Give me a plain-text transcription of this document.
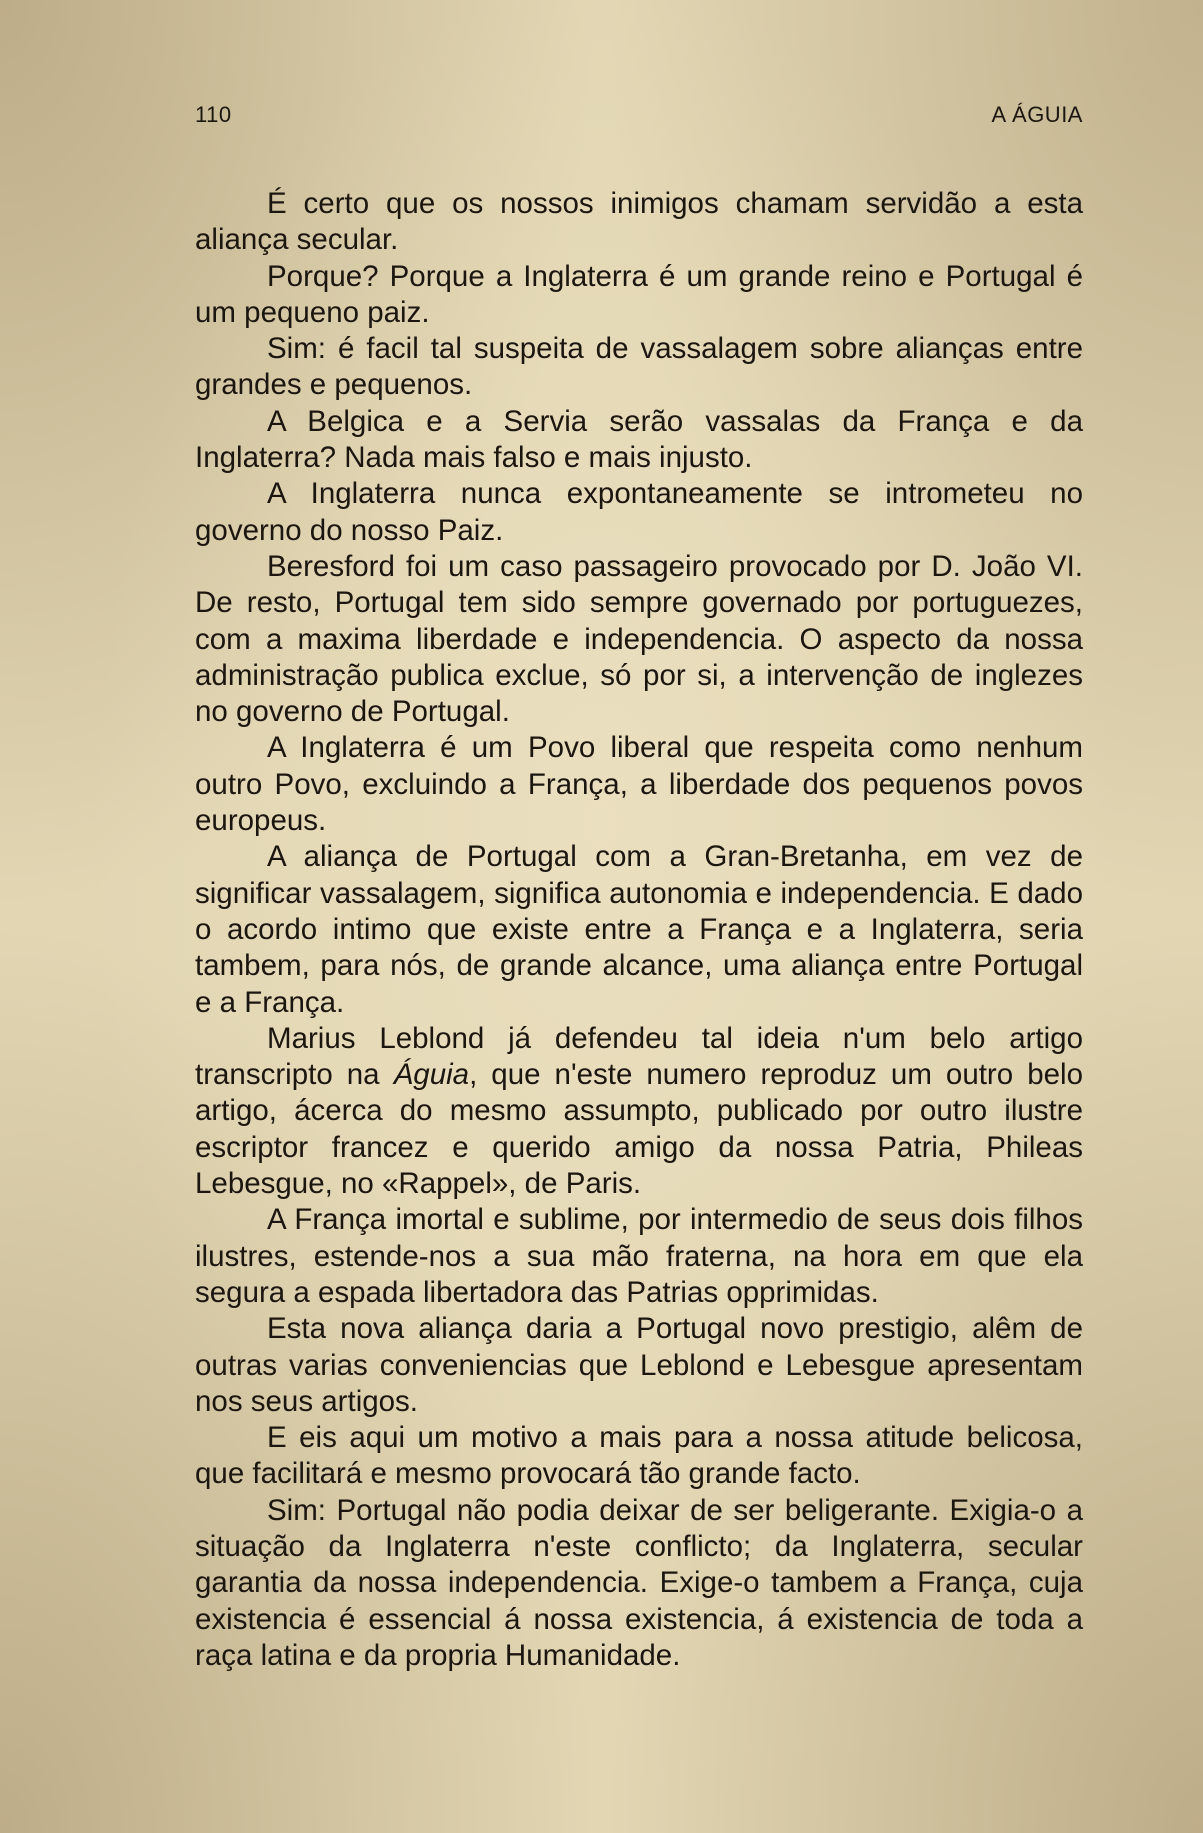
110	A ÁGUIA

É certo que os nossos inimigos chamam servidão a esta aliança secular.

Porque? Porque a Inglaterra é um grande reino e Portugal é um pequeno paiz.

Sim: é facil tal suspeita de vassalagem sobre alianças entre grandes e pequenos.

A Belgica e a Servia serão vassalas da França e da Inglaterra? Nada mais falso e mais injusto.

A Inglaterra nunca expontaneamente se intrometeu no governo do nosso Paiz.

Beresford foi um caso passageiro provocado por D. João VI. De resto, Portugal tem sido sempre governado por portuguezes, com a maxima liberdade e independencia. O aspecto da nossa administração publica exclue, só por si, a intervenção de inglezes no governo de Portugal.

A Inglaterra é um Povo liberal que respeita como nenhum outro Povo, excluindo a França, a liberdade dos pequenos povos europeus.

A aliança de Portugal com a Gran-Bretanha, em vez de significar vassalagem, significa autonomia e independencia. E dado o acordo intimo que existe entre a França e a Inglaterra, seria tambem, para nós, de grande alcance, uma aliança entre Portugal e a França.

Marius Leblond já defendeu tal ideia n'um belo artigo transcripto na Águia, que n'este numero reproduz um outro belo artigo, ácerca do mesmo assumpto, publicado por outro ilustre escriptor francez e querido amigo da nossa Patria, Phileas Lebesgue, no «Rappel», de Paris.

A França imortal e sublime, por intermedio de seus dois filhos ilustres, estende-nos a sua mão fraterna, na hora em que ela segura a espada libertadora das Patrias opprimidas.

Esta nova aliança daria a Portugal novo prestigio, alêm de outras varias conveniencias que Leblond e Lebesgue apresentam nos seus artigos.

E eis aqui um motivo a mais para a nossa atitude belicosa, que facilitará e mesmo provocará tão grande facto.

Sim: Portugal não podia deixar de ser beligerante. Exigia-o a situação da Inglaterra n'este conflicto; da Inglaterra, secular garantia da nossa independencia. Exige-o tambem a França, cuja existencia é essencial á nossa existencia, á existencia de toda a raça latina e da propria Humanidade.
